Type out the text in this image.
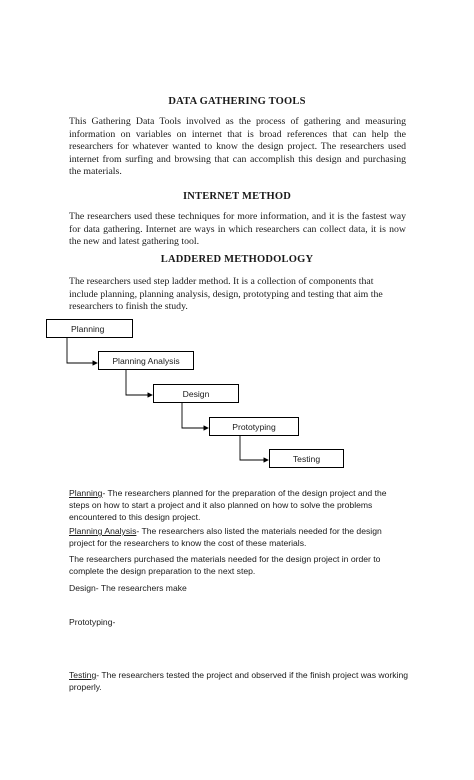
DATA GATHERING TOOLS
This Gathering Data Tools involved as the process of gathering and measuring information on variables on internet that is broad references that can help the researchers for whatever wanted to know the design project. The researchers used internet from surfing and browsing that can accomplish this design and purchasing the materials.
INTERNET METHOD
The researchers used these techniques for more information, and it is the fastest way for data gathering. Internet are ways in which researchers can collect data, it is now the new and latest gathering tool.
LADDERED METHODOLOGY
The researchers used step ladder method. It is a collection of components that include planning, planning analysis, design, prototyping and testing that aim the researchers to finish the study.
Planning
Planning Analysis
Design
Prototyping
Testing
Planning- The researchers planned for the preparation of the design project and the steps on how to start a project and it also planned on how to solve the problems encountered to this design project.
Planning Analysis- The researchers also listed the materials needed for the design project for the researchers to know the cost of these materials.
The researchers purchased the materials needed for the design project in order to complete the design preparation to the next step.
Design- The researchers make
Prototyping-
Testing- The researchers tested the project and observed if the finish project was working properly.
